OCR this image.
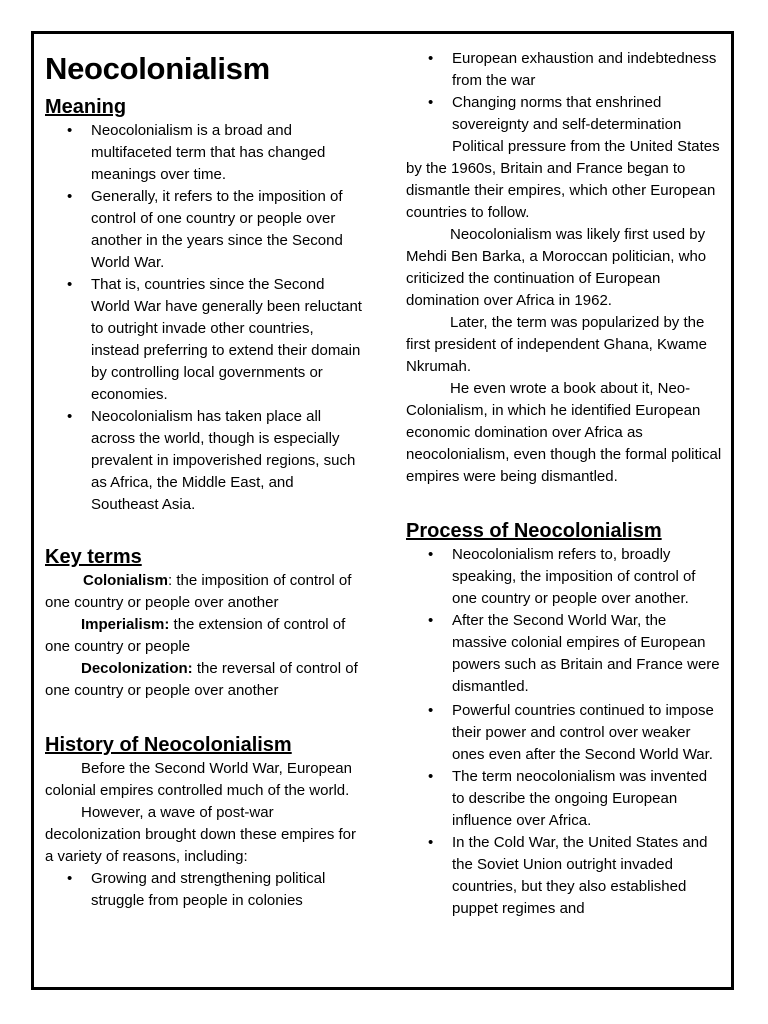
Neocolonialism
Meaning
• Neocolonialism is a broad and multifaceted term that has changed meanings over time.
• Generally, it refers to the imposition of control of one country or people over another in the years since the Second World War.
• That is, countries since the Second World War have generally been reluctant to outright invade other countries, instead preferring to extend their domain by controlling local governments or economies.
• Neocolonialism has taken place all across the world, though is especially prevalent in impoverished regions, such as Africa, the Middle East, and Southeast Asia.
Key terms

Colonialism: the imposition of control of one country or people over another

Imperialism: the extension of control of one country or people

Decolonization: the reversal of control of one country or people over another

History of Neocolonialism

Before the Second World War, European colonial empires controlled much of the world.

However, a wave of post-war decolonization brought down these empires for a variety of reasons, including:

• Growing and strengthening political struggle from people in colonies
• European exhaustion and indebtedness from the war
• Changing norms that enshrined sovereignty and self-determination

Political pressure from the United States by the 1960s, Britain and France began to dismantle their empires, which other European countries to follow.

Neocolonialism was likely first used by Mehdi Ben Barka, a Moroccan politician, who criticized the continuation of European domination over Africa in 1962.

Later, the term was popularized by the first president of independent Ghana, Kwame Nkrumah.

He even wrote a book about it, Neo-Colonialism, in which he identified European economic domination over Africa as neocolonialism, even though the formal political empires were being dismantled.

Process of Neocolonialism
• Neocolonialism refers to, broadly speaking, the imposition of control of one country or people over another.
• After the Second World War, the massive colonial empires of European powers such as Britain and France were dismantled.
• Powerful countries continued to impose their power and control over weaker ones even after the Second World War.
• The term neocolonialism was invented to describe the ongoing European influence over Africa.
• In the Cold War, the United States and the Soviet Union outright invaded countries, but they also established puppet regimes and
